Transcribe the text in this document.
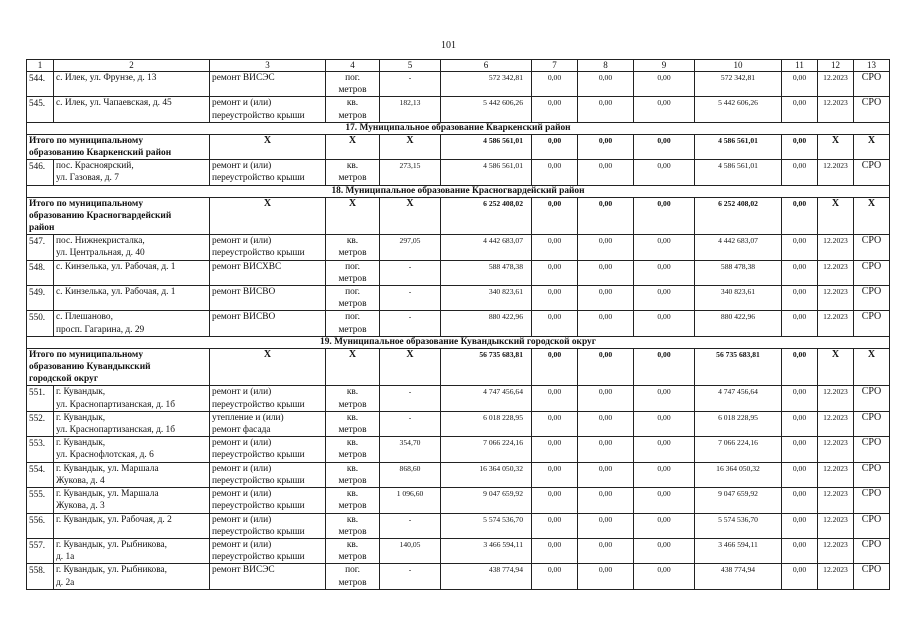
101
1	2	3	4	5	6	7	8	9	10	11	12	13
544.	с. Илек, ул. Фрунзе, д. 13	ремонт ВИСЭС	пог.
метров	-	572 342,81	0,00	0,00	0,00	572 342,81	0,00	12.2023	СРО
545.	с. Илек, ул. Чапаевская, д. 45	ремонт и (или)
переустройство крыши	кв.
метров	182,13	5 442 606,26	0,00	0,00	0,00	5 442 606,26	0,00	12.2023	СРО
17. Муниципальное образование Кваркенский район												
Итого по муниципальному
образованию Кваркенский район		X	X	X	4 586 561,01	0,00	0,00	0,00	4 586 561,01	0,00	X	X
546.	пос. Красноярский,
ул. Газовая, д. 7	ремонт и (или)
переустройство крыши	кв.
метров	273,15	4 586 561,01	0,00	0,00	0,00	4 586 561,01	0,00	12.2023	СРО
18. Муниципальное образование Красногвардейский район												
Итого по муниципальному
образованию Красногвардейский
район		X	X	X	6 252 408,02	0,00	0,00	0,00	6 252 408,02	0,00	X	X
547.	пос. Нижнекристалка,
ул. Центральная, д. 40	ремонт и (или)
переустройство крыши	кв.
метров	297,05	4 442 683,07	0,00	0,00	0,00	4 442 683,07	0,00	12.2023	СРО
548.	с. Кинзелька, ул. Рабочая, д. 1	ремонт ВИСХВС	пог.
метров	-	588 478,38	0,00	0,00	0,00	588 478,38	0,00	12.2023	СРО
549.	с. Кинзелька, ул. Рабочая, д. 1	ремонт ВИСВО	пог.
метров	-	340 823,61	0,00	0,00	0,00	340 823,61	0,00	12.2023	СРО
550.	с. Плешаново,
просп. Гагарина, д. 29	ремонт ВИСВО	пог.
метров	-	880 422,96	0,00	0,00	0,00	880 422,96	0,00	12.2023	СРО
19. Муниципальное образование Кувандыкский городской округ												
Итого по муниципальному
образованию Кувандыкский
городской округ		X	X	X	56 735 683,81	0,00	0,00	0,00	56 735 683,81	0,00	X	X
551.	г. Кувандык,
ул. Краснопартизанская, д. 1б	ремонт и (или)
переустройство крыши	кв.
метров	-	4 747 456,64	0,00	0,00	0,00	4 747 456,64	0,00	12.2023	СРО
552.	г. Кувандык,
ул. Краснопартизанская, д. 1б	утепление и (или)
ремонт фасада	кв.
метров	-	6 018 228,95	0,00	0,00	0,00	6 018 228,95	0,00	12.2023	СРО
553.	г. Кувандык,
ул. Краснофлотская, д. 6	ремонт и (или)
переустройство крыши	кв.
метров	354,70	7 066 224,16	0,00	0,00	0,00	7 066 224,16	0,00	12.2023	СРО
554.	г. Кувандык, ул. Маршала
Жукова, д. 4	ремонт и (или)
переустройство крыши	кв.
метров	868,60	16 364 050,32	0,00	0,00	0,00	16 364 050,32	0,00	12.2023	СРО
555.	г. Кувандык, ул. Маршала
Жукова, д. 3	ремонт и (или)
переустройство крыши	кв.
метров	1 096,60	9 047 659,92	0,00	0,00	0,00	9 047 659,92	0,00	12.2023	СРО
556.	г. Кувандык, ул. Рабочая, д. 2	ремонт и (или)
переустройство крыши	кв.
метров	-	5 574 536,70	0,00	0,00	0,00	5 574 536,70	0,00	12.2023	СРО
557.	г. Кувандык, ул. Рыбникова,
д. 1а	ремонт и (или)
переустройство крыши	кв.
метров	140,05	3 466 594,11	0,00	0,00	0,00	3 466 594,11	0,00	12.2023	СРО
558.	г. Кувандык, ул. Рыбникова,
д. 2а	ремонт ВИСЭС	пог.
метров	-	438 774,94	0,00	0,00	0,00	438 774,94	0,00	12.2023	СРО
